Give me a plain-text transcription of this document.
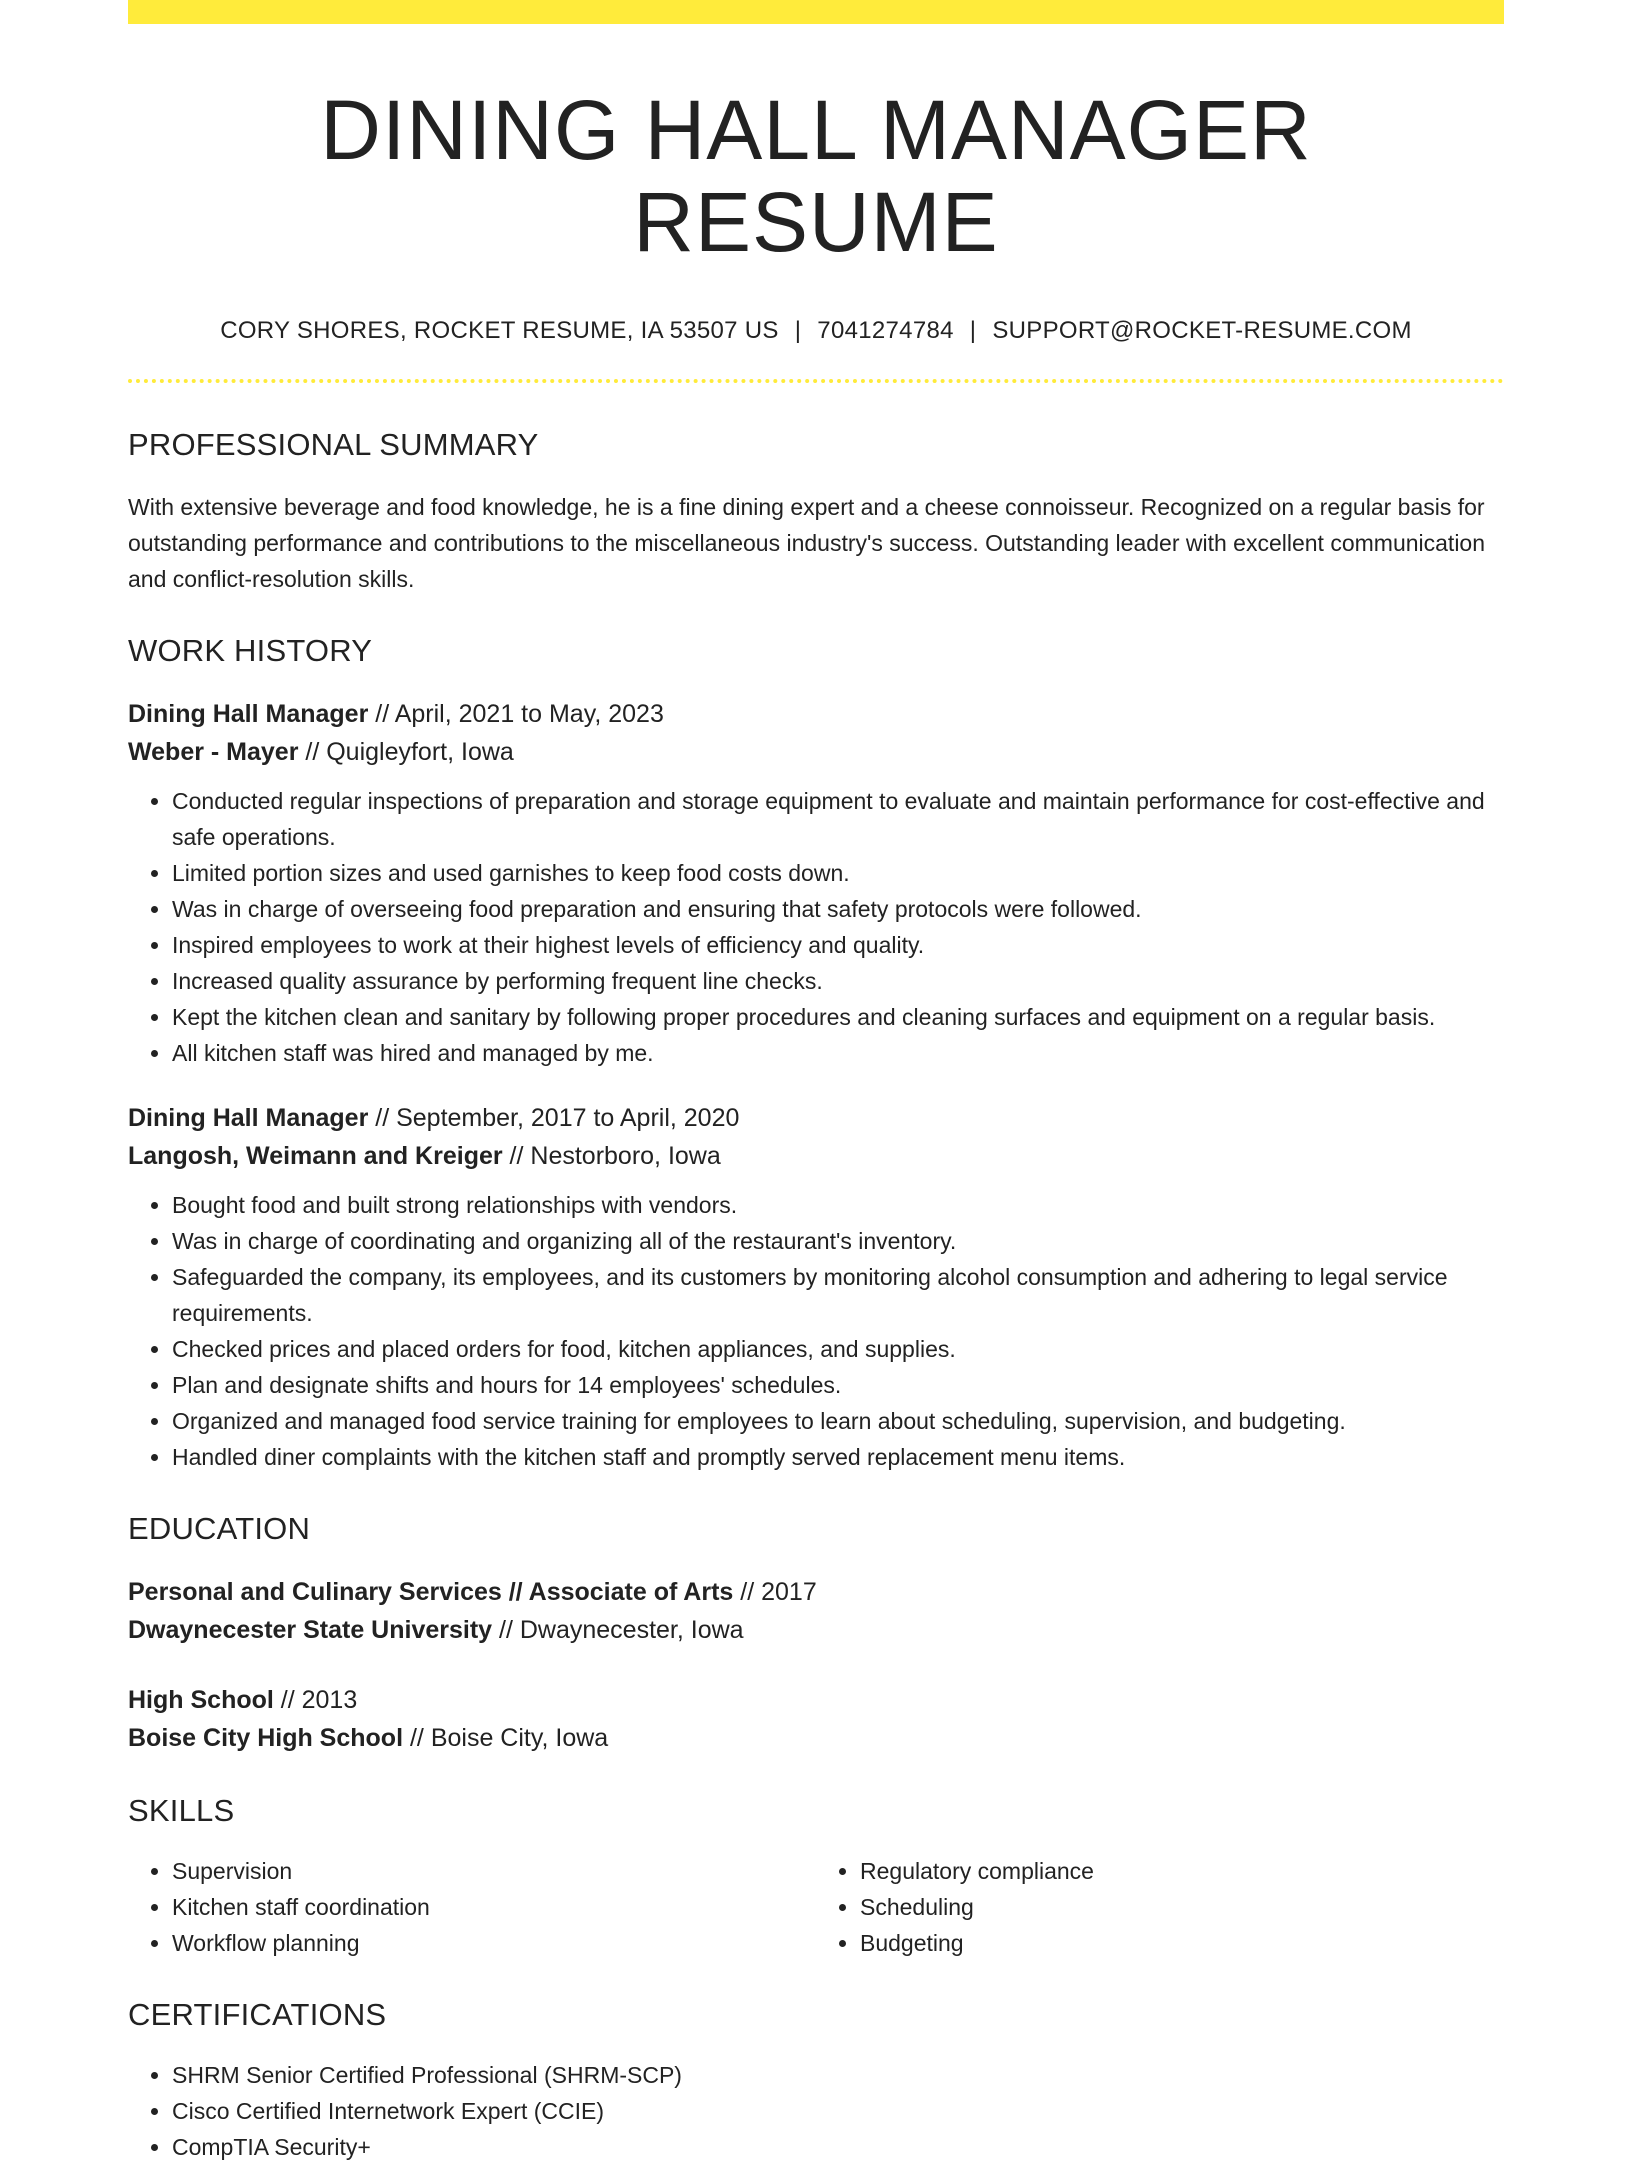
DINING HALL MANAGER RESUME
CORY SHORES, ROCKET RESUME, IA 53507 US | 7041274784 | SUPPORT@ROCKET-RESUME.COM
PROFESSIONAL SUMMARY
With extensive beverage and food knowledge, he is a fine dining expert and a cheese connoisseur. Recognized on a regular basis for outstanding performance and contributions to the miscellaneous industry's success. Outstanding leader with excellent communication and conflict-resolution skills.
WORK HISTORY
Dining Hall Manager // April, 2021 to May, 2023
Weber - Mayer // Quigleyfort, Iowa
• Conducted regular inspections of preparation and storage equipment to evaluate and maintain performance for cost-effective and safe operations.
• Limited portion sizes and used garnishes to keep food costs down.
• Was in charge of overseeing food preparation and ensuring that safety protocols were followed.
• Inspired employees to work at their highest levels of efficiency and quality.
• Increased quality assurance by performing frequent line checks.
• Kept the kitchen clean and sanitary by following proper procedures and cleaning surfaces and equipment on a regular basis.
• All kitchen staff was hired and managed by me.
Dining Hall Manager // September, 2017 to April, 2020
Langosh, Weimann and Kreiger // Nestorboro, Iowa
• Bought food and built strong relationships with vendors.
• Was in charge of coordinating and organizing all of the restaurant's inventory.
• Safeguarded the company, its employees, and its customers by monitoring alcohol consumption and adhering to legal service requirements.
• Checked prices and placed orders for food, kitchen appliances, and supplies.
• Plan and designate shifts and hours for 14 employees' schedules.
• Organized and managed food service training for employees to learn about scheduling, supervision, and budgeting.
• Handled diner complaints with the kitchen staff and promptly served replacement menu items.
EDUCATION
Personal and Culinary Services // Associate of Arts // 2017
Dwaynecester State University // Dwaynecester, Iowa
High School // 2013
Boise City High School // Boise City, Iowa
SKILLS
• Supervision
• Kitchen staff coordination
• Workflow planning
• Regulatory compliance
• Scheduling
• Budgeting
CERTIFICATIONS
• SHRM Senior Certified Professional (SHRM-SCP)
• Cisco Certified Internetwork Expert (CCIE)
• CompTIA Security+
